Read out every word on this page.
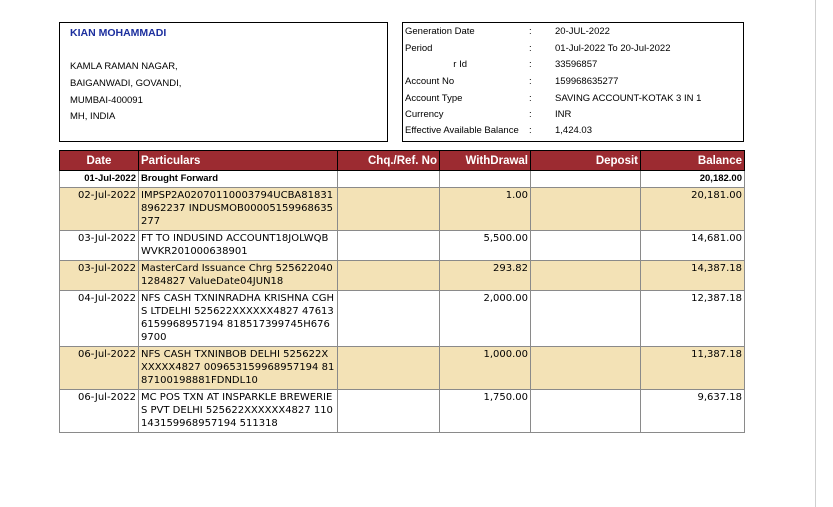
KIAN MOHAMMADI
KAMLA RAMAN NAGAR,
BAIGANWADI, GOVANDI,
MUMBAI-400091
MH, INDIA
Generation Date	: 20-JUL-2022
Period	: 01-Jul-2022 To 20-Jul-2022
r Id	: 33596857
Account No	: 159968635277
Account Type	: SAVING ACCOUNT-KOTAK 3 IN 1
Currency	: INR
Effective Available Balance : 1,424.03
Date	Particulars	Chq./Ref. No	WithDrawal	Deposit	Balance
01-Jul-2022	Brought Forward				20,182.00
02-Jul-2022	IMPSP2A02070110003794UCBA818318962237 INDUSMOB00005159968635277		1.00		20,181.00
03-Jul-2022	FT TO INDUSIND ACCOUNT18JOLWQBWVKR201000638901		5,500.00		14,681.00
03-Jul-2022	MasterCard Issuance Chrg 5256220401284827 ValueDate04JUN18		293.82		14,387.18
04-Jul-2022	NFS CASH TXNINRADHA KRISHNA CGHS LTDELHI 525622XXXXXX4827 476136159968957194 818517399745H6769700		2,000.00		12,387.18
06-Jul-2022	NFS CASH TXNINBOB DELHI 525622XXXXXX4827 009653159968957194 8187100198881FDNDL10		1,000.00		11,387.18
06-Jul-2022	MC POS TXN AT INSPARKLE BREWERIES PVT DELHI 525622XXXXXX4827 110143159968957194 511318		1,750.00		9,637.18
